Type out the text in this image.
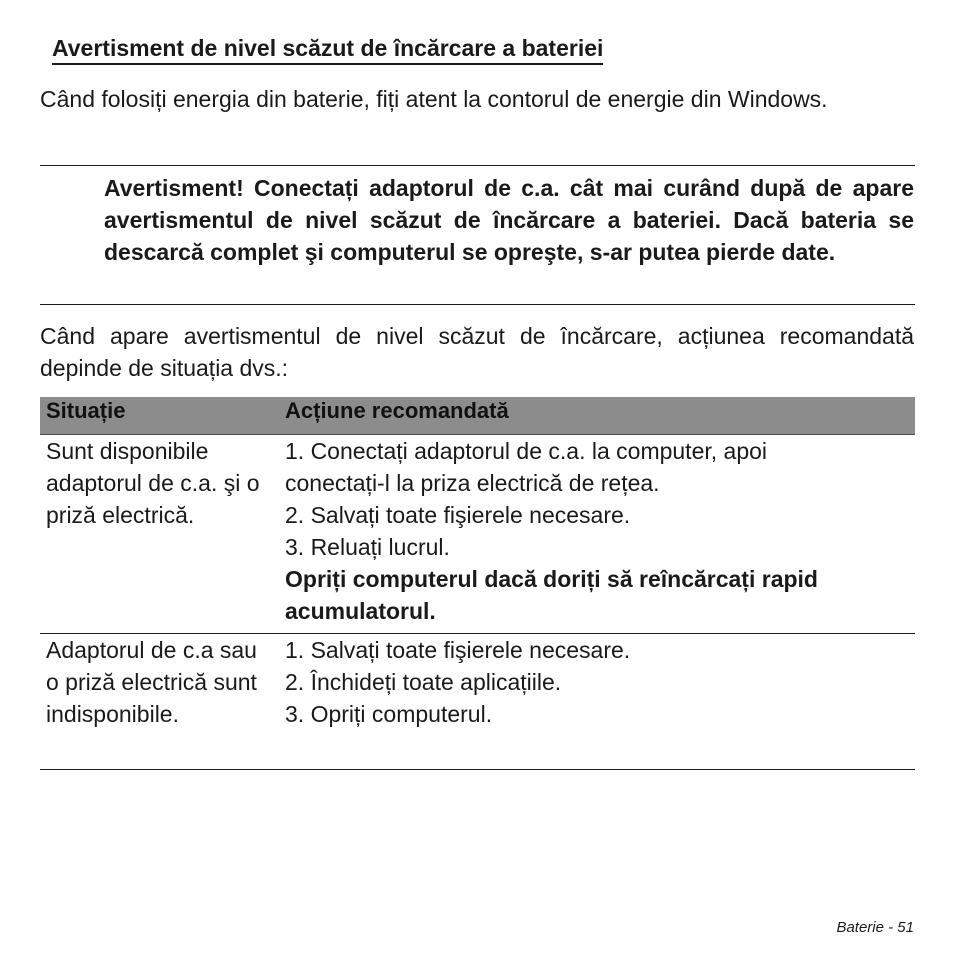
Avertisment de nivel scăzut de încărcare a bateriei
Când folosiți energia din baterie, fiți atent la contorul de energie din Windows.
Avertisment! Conectați adaptorul de c.a. cât mai curând după de apare avertismentul de nivel scăzut de încărcare a bateriei. Dacă bateria se descarcă complet şi computerul se opreşte, s-ar putea pierde date.
Când apare avertismentul de nivel scăzut de încărcare, acțiunea recomandată depinde de situația dvs.:
Situație	Acțiune recomandată
Sunt disponibile adaptorul de c.a. şi o priză electrică.
1. Conectați adaptorul de c.a. la computer, apoi
conectați-l la priza electrică de rețea.
2. Salvați toate fişierele necesare.
3. Reluați lucrul.
Opriți computerul dacă doriți să reîncărcați rapid acumulatorul.
Adaptorul de c.a sau o priză electrică sunt indisponibile.
1. Salvați toate fişierele necesare.
2. Închideți toate aplicațiile.
3. Opriți computerul.
Baterie - 51
